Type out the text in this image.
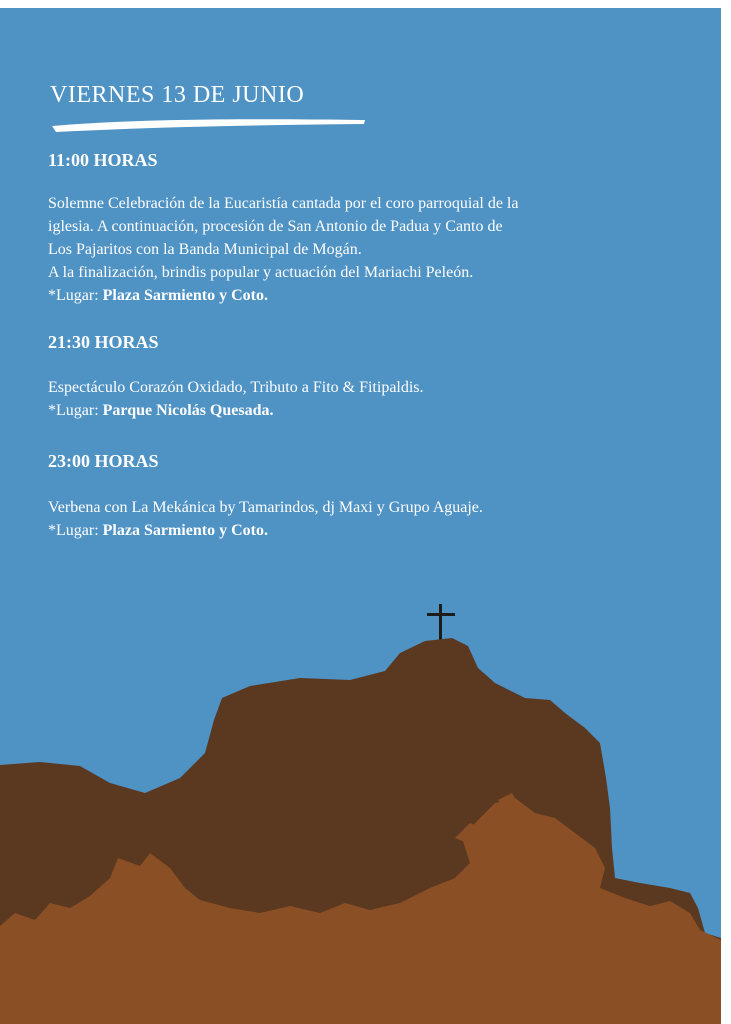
VIERNES 13 DE JUNIO
11:00 HORAS

Solemne Celebración de la Eucaristía cantada por el coro parroquial de la

iglesia. A continuación, procesión de San Antonio de Padua y Canto de

Los Pajaritos con la Banda Municipal de Mogán.

A la finalización, brindis popular y actuación del Mariachi Peleón.

*Lugar: Plaza Sarmiento y Coto.

21:30 HORAS

Espectáculo Corazón Oxidado, Tributo a Fito & Fitipaldis.

*Lugar: Parque Nicolás Quesada.

23:00 HORAS

Verbena con La Mekánica by Tamarindos, dj Maxi y Grupo Aguaje.

*Lugar: Plaza Sarmiento y Coto.
